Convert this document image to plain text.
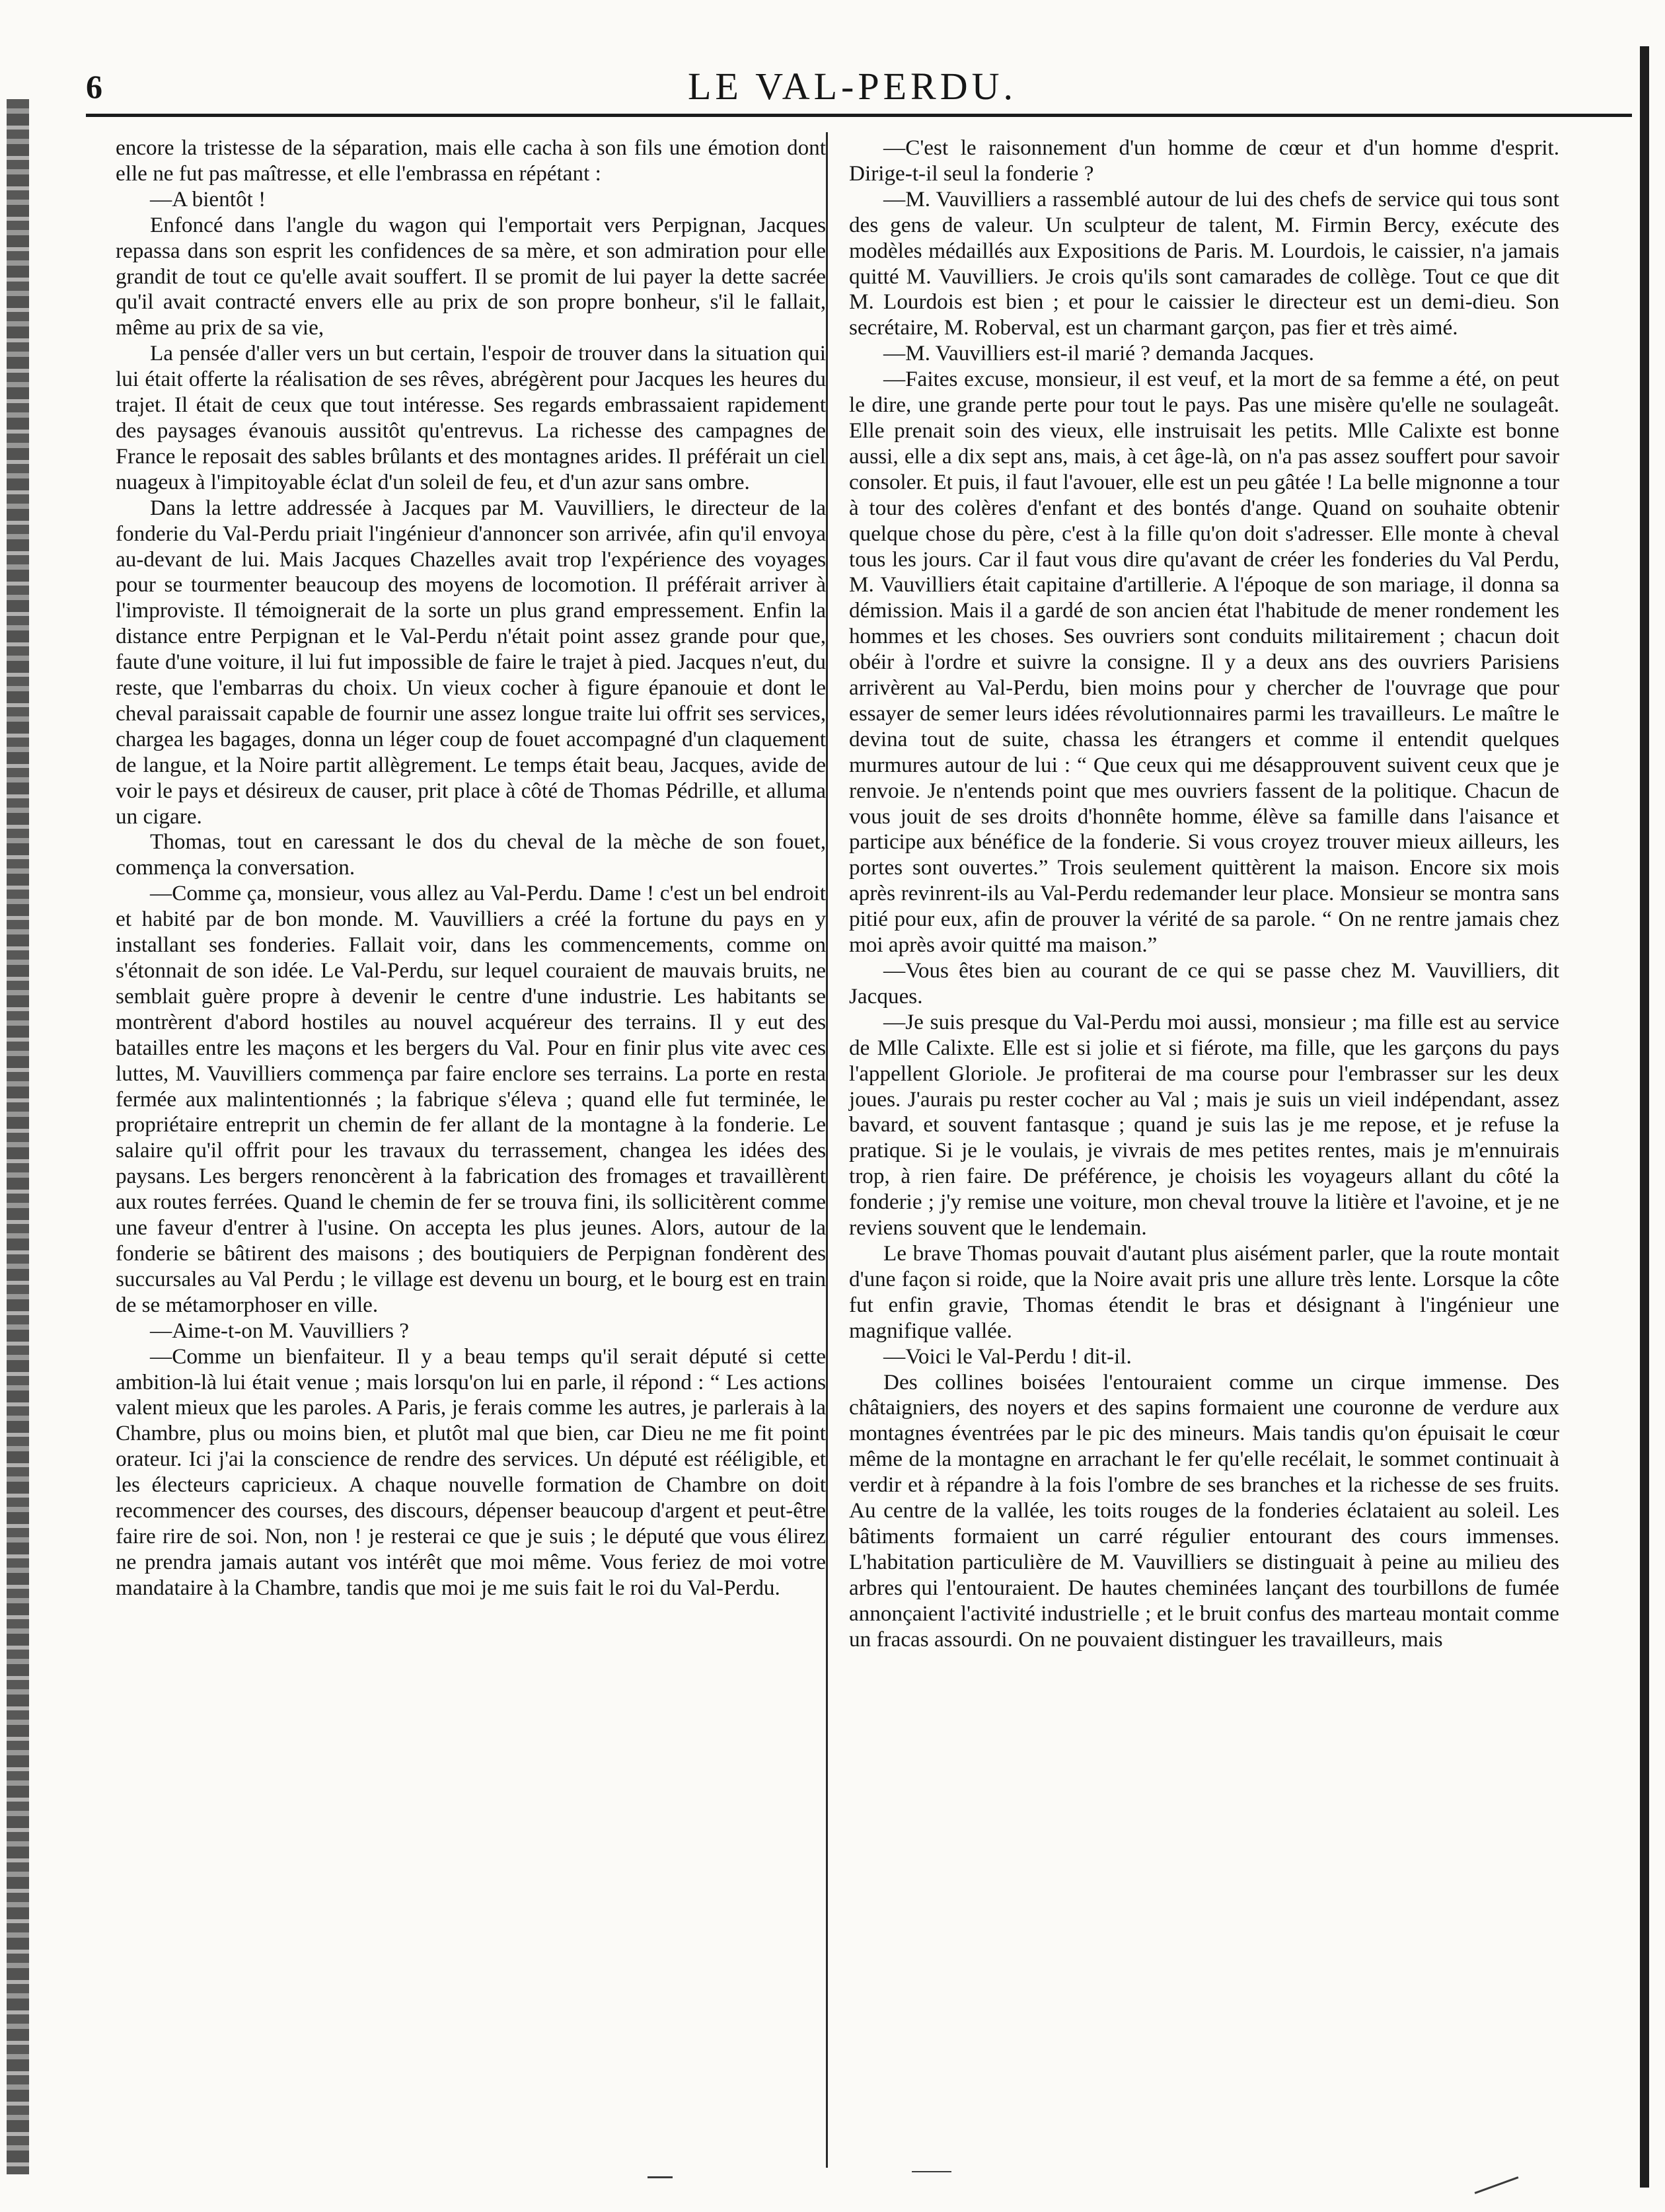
6	LE VAL-PERDU.

encore la tristesse de la séparation, mais elle cacha à son fils une émotion dont elle ne fut pas maîtresse, et elle l'embrassa en répétant :

—A bientôt !

Enfoncé dans l'angle du wagon qui l'emportait vers Perpignan, Jacques repassa dans son esprit les confidences de sa mère, et son admiration pour elle grandit de tout ce qu'elle avait souffert. Il se promit de lui payer la dette sacrée qu'il avait contracté envers elle au prix de son propre bonheur, s'il le fallait, même au prix de sa vie,

La pensée d'aller vers un but certain, l'espoir de trouver dans la situation qui lui était offerte la réalisation de ses rêves, abrégèrent pour Jacques les heures du trajet. Il était de ceux que tout intéresse. Ses regards embrassaient rapidement des paysages évanouis aussitôt qu'entrevus. La richesse des campagnes de France le reposait des sables brûlants et des montagnes arides. Il préférait un ciel nuageux à l'impitoyable éclat d'un soleil de feu, et d'un azur sans ombre.

Dans la lettre addressée à Jacques par M. Vauvilliers, le directeur de la fonderie du Val-Perdu priait l'ingénieur d'annoncer son arrivée, afin qu'il envoya au-devant de lui. Mais Jacques Chazelles avait trop l'expérience des voyages pour se tourmenter beaucoup des moyens de locomotion. Il préférait arriver à l'improviste. Il témoignerait de la sorte un plus grand empressement. Enfin la distance entre Perpignan et le Val-Perdu n'était point assez grande pour que, faute d'une voiture, il lui fut impossible de faire le trajet à pied. Jacques n'eut, du reste, que l'embarras du choix. Un vieux cocher à figure épanouie et dont le cheval paraissait capable de fournir une assez longue traite lui offrit ses services, chargea les bagages, donna un léger coup de fouet accompagné d'un claquement de langue, et la Noire partit allègrement. Le temps était beau, Jacques, avide de voir le pays et désireux de causer, prit place à côté de Thomas Pédrille, et alluma un cigare.

Thomas, tout en caressant le dos du cheval de la mèche de son fouet, commença la conversation.

—Comme ça, monsieur, vous allez au Val-Perdu. Dame ! c'est un bel endroit et habité par de bon monde. M. Vauvilliers a créé la fortune du pays en y installant ses fonderies. Fallait voir, dans les commencements, comme on s'étonnait de son idée. Le Val-Perdu, sur lequel couraient de mauvais bruits, ne semblait guère propre à devenir le centre d'une industrie. Les habitants se montrèrent d'abord hostiles au nouvel acquéreur des terrains. Il y eut des batailles entre les maçons et les bergers du Val. Pour en finir plus vite avec ces luttes, M. Vauvilliers commença par faire enclore ses terrains. La porte en resta fermée aux malintentionnés ; la fabrique s'éleva ; quand elle fut terminée, le propriétaire entreprit un chemin de fer allant de la montagne à la fonderie. Le salaire qu'il offrit pour les travaux du terrassement, changea les idées des paysans. Les bergers renoncèrent à la fabrication des fromages et travaillèrent aux routes ferrées. Quand le chemin de fer se trouva fini, ils sollicitèrent comme une faveur d'entrer à l'usine. On accepta les plus jeunes. Alors, autour de la fonderie se bâtirent des maisons ; des boutiquiers de Perpignan fondèrent des succursales au Val Perdu ; le village est devenu un bourg, et le bourg est en train de se métamorphoser en ville.

—Aime-t-on M. Vauvilliers ?

—Comme un bienfaiteur. Il y a beau temps qu'il serait député si cette ambition-là lui était venue ; mais lorsqu'on lui en parle, il répond : “ Les actions valent mieux que les paroles. A Paris, je ferais comme les autres, je parlerais à la Chambre, plus ou moins bien, et plutôt mal que bien, car Dieu ne me fit point orateur. Ici j'ai la conscience de rendre des services. Un député est rééligible, et les électeurs capricieux. A chaque nouvelle formation de Chambre on doit recommencer des courses, des discours, dépenser beaucoup d'argent et peut-être faire rire de soi. Non, non ! je resterai ce que je suis ; le député que vous élirez ne prendra jamais autant vos intérêt que moi même. Vous feriez de moi votre mandataire à la Chambre, tandis que moi je me suis fait le roi du Val-Perdu.

—C'est le raisonnement d'un homme de cœur et d'un homme d'esprit. Dirige-t-il seul la fonderie ?

—M. Vauvilliers a rassemblé autour de lui des chefs de service qui tous sont des gens de valeur. Un sculpteur de talent, M. Firmin Bercy, exécute des modèles médaillés aux Expositions de Paris. M. Lourdois, le caissier, n'a jamais quitté M. Vauvilliers. Je crois qu'ils sont camarades de collège. Tout ce que dit M. Lourdois est bien ; et pour le caissier le directeur est un demi-dieu. Son secrétaire, M. Roberval, est un charmant garçon, pas fier et très aimé.

—M. Vauvilliers est-il marié ? demanda Jacques.

—Faites excuse, monsieur, il est veuf, et la mort de sa femme a été, on peut le dire, une grande perte pour tout le pays. Pas une misère qu'elle ne soulageât. Elle prenait soin des vieux, elle instruisait les petits. Mlle Calixte est bonne aussi, elle a dix sept ans, mais, à cet âge-là, on n'a pas assez souffert pour savoir consoler. Et puis, il faut l'avouer, elle est un peu gâtée ! La belle mignonne a tour à tour des colères d'enfant et des bontés d'ange. Quand on souhaite obtenir quelque chose du père, c'est à la fille qu'on doit s'adresser. Elle monte à cheval tous les jours. Car il faut vous dire qu'avant de créer les fonderies du Val Perdu, M. Vauvilliers était capitaine d'artillerie. A l'époque de son mariage, il donna sa démission. Mais il a gardé de son ancien état l'habitude de mener rondement les hommes et les choses. Ses ouvriers sont conduits militairement ; chacun doit obéir à l'ordre et suivre la consigne. Il y a deux ans des ouvriers Parisiens arrivèrent au Val-Perdu, bien moins pour y chercher de l'ouvrage que pour essayer de semer leurs idées révolutionnaires parmi les travailleurs. Le maître le devina tout de suite, chassa les étrangers et comme il entendit quelques murmures autour de lui : “ Que ceux qui me désapprouvent suivent ceux que je renvoie. Je n'entends point que mes ouvriers fassent de la politique. Chacun de vous jouit de ses droits d'honnête homme, élève sa famille dans l'aisance et participe aux bénéfice de la fonderie. Si vous croyez trouver mieux ailleurs, les portes sont ouvertes.” Trois seulement quittèrent la maison. Encore six mois après revinrent-ils au Val-Perdu redemander leur place. Monsieur se montra sans pitié pour eux, afin de prouver la vérité de sa parole. “ On ne rentre jamais chez moi après avoir quitté ma maison.”

—Vous êtes bien au courant de ce qui se passe chez M. Vauvilliers, dit Jacques.

—Je suis presque du Val-Perdu moi aussi, monsieur ; ma fille est au service de Mlle Calixte. Elle est si jolie et si fiérote, ma fille, que les garçons du pays l'appellent Gloriole. Je profiterai de ma course pour l'embrasser sur les deux joues. J'aurais pu rester cocher au Val ; mais je suis un vieil indépendant, assez bavard, et souvent fantasque ; quand je suis las je me repose, et je refuse la pratique. Si je le voulais, je vivrais de mes petites rentes, mais je m'ennuirais trop, à rien faire. De préférence, je choisis les voyageurs allant du côté la fonderie ; j'y remise une voiture, mon cheval trouve la litière et l'avoine, et je ne reviens souvent que le lendemain.

Le brave Thomas pouvait d'autant plus aisément parler, que la route montait d'une façon si roide, que la Noire avait pris une allure très lente. Lorsque la côte fut enfin gravie, Thomas étendit le bras et désignant à l'ingénieur une magnifique vallée.

—Voici le Val-Perdu ! dit-il.

Des collines boisées l'entouraient comme un cirque immense. Des châtaigniers, des noyers et des sapins formaient une couronne de verdure aux montagnes éventrées par le pic des mineurs. Mais tandis qu'on épuisait le cœur même de la montagne en arrachant le fer qu'elle recélait, le sommet continuait à verdir et à répandre à la fois l'ombre de ses branches et la richesse de ses fruits. Au centre de la vallée, les toits rouges de la fonderies éclataient au soleil. Les bâtiments formaient un carré régulier entourant des cours immenses. L'habitation particulière de M. Vauvilliers se distinguait à peine au milieu des arbres qui l'entouraient. De hautes cheminées lançant des tourbillons de fumée annonçaient l'activité industrielle ; et le bruit confus des marteau montait comme un fracas assourdi. On ne pouvaient distinguer les travailleurs, mais
